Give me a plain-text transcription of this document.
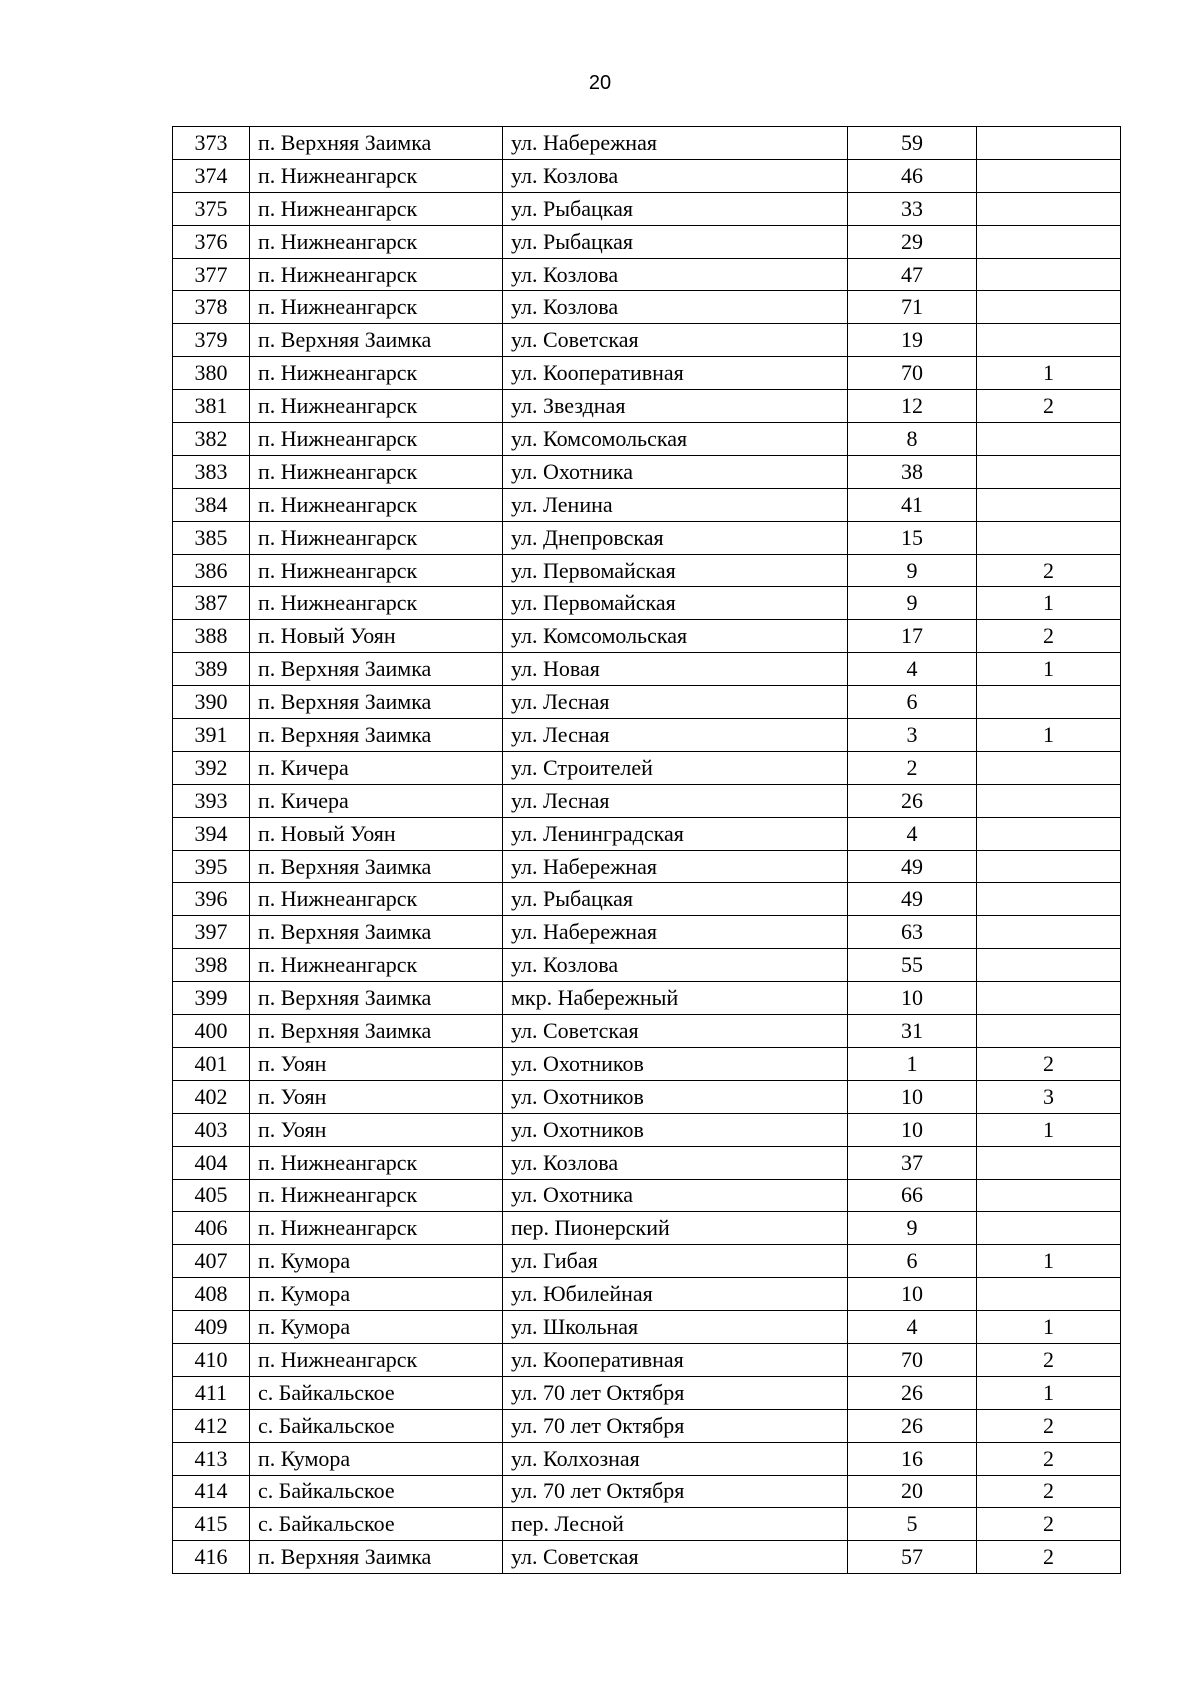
20
373	п. Верхняя Заимка	ул. Набережная	59	
374	п. Нижнеангарск	ул. Козлова	46	
375	п. Нижнеангарск	ул. Рыбацкая	33	
376	п. Нижнеангарск	ул. Рыбацкая	29	
377	п. Нижнеангарск	ул. Козлова	47	
378	п. Нижнеангарск	ул. Козлова	71	
379	п. Верхняя Заимка	ул. Советская	19	
380	п. Нижнеангарск	ул. Кооперативная	70	1
381	п. Нижнеангарск	ул. Звездная	12	2
382	п. Нижнеангарск	ул. Комсомольская	8	
383	п. Нижнеангарск	ул. Охотника	38	
384	п. Нижнеангарск	ул. Ленина	41	
385	п. Нижнеангарск	ул. Днепровская	15	
386	п. Нижнеангарск	ул. Первомайская	9	2
387	п. Нижнеангарск	ул. Первомайская	9	1
388	п. Новый Уоян	ул. Комсомольская	17	2
389	п. Верхняя Заимка	ул. Новая	4	1
390	п. Верхняя Заимка	ул. Лесная	6	
391	п. Верхняя Заимка	ул. Лесная	3	1
392	п. Кичера	ул. Строителей	2	
393	п. Кичера	ул. Лесная	26	
394	п. Новый Уоян	ул. Ленинградская	4	
395	п. Верхняя Заимка	ул. Набережная	49	
396	п. Нижнеангарск	ул. Рыбацкая	49	
397	п. Верхняя Заимка	ул. Набережная	63	
398	п. Нижнеангарск	ул. Козлова	55	
399	п. Верхняя Заимка	мкр. Набережный	10	
400	п. Верхняя Заимка	ул. Советская	31	
401	п. Уоян	ул. Охотников	1	2
402	п. Уоян	ул. Охотников	10	3
403	п. Уоян	ул. Охотников	10	1
404	п. Нижнеангарск	ул. Козлова	37	
405	п. Нижнеангарск	ул. Охотника	66	
406	п. Нижнеангарск	пер. Пионерский	9	
407	п. Кумора	ул. Гибая	6	1
408	п. Кумора	ул. Юбилейная	10	
409	п. Кумора	ул. Школьная	4	1
410	п. Нижнеангарск	ул. Кооперативная	70	2
411	с. Байкальское	ул. 70 лет Октября	26	1
412	с. Байкальское	ул. 70 лет Октября	26	2
413	п. Кумора	ул. Колхозная	16	2
414	с. Байкальское	ул. 70 лет Октября	20	2
415	с. Байкальское	пер. Лесной	5	2
416	п. Верхняя Заимка	ул. Советская	57	2
